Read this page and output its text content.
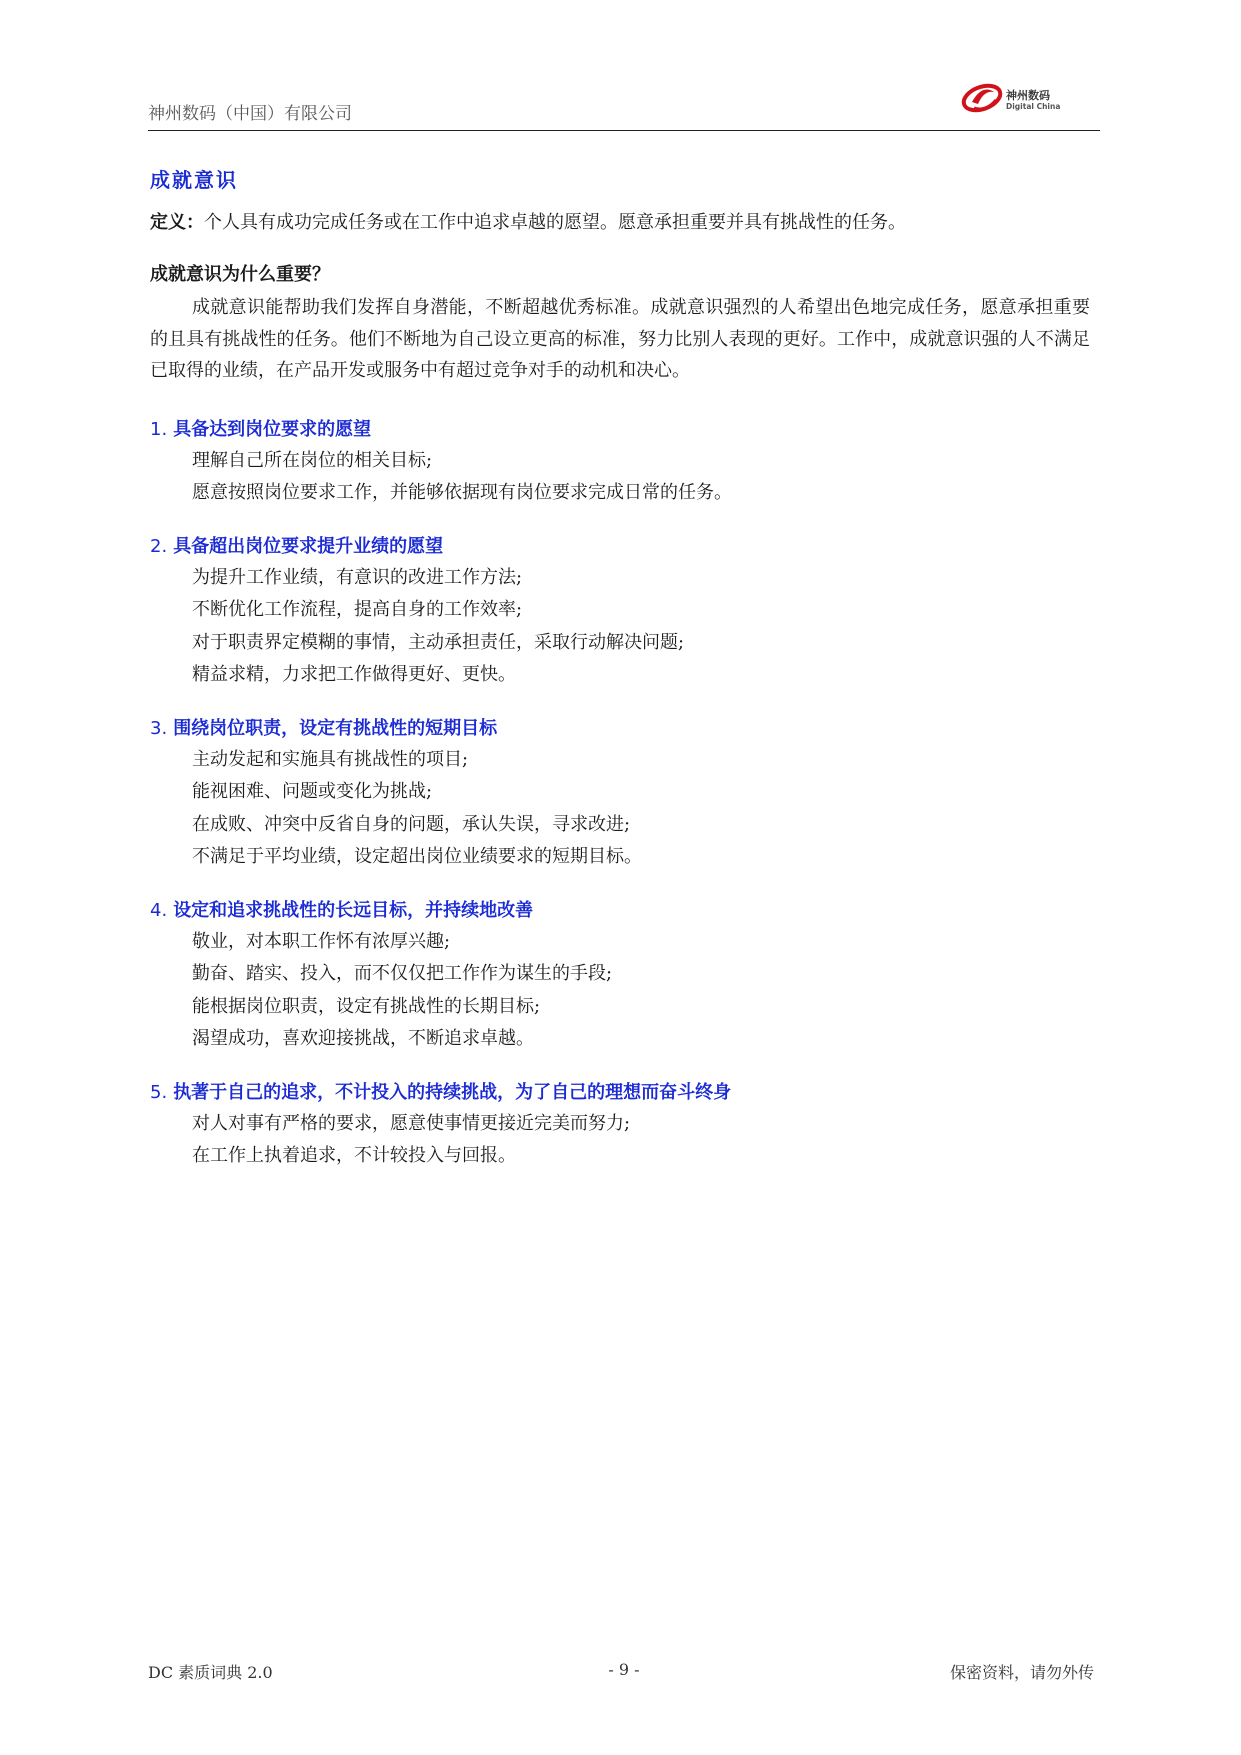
神州数码（中国）有限公司
神州数码
Digital China
成就意识

定义：个人具有成功完成任务或在工作中追求卓越的愿望。愿意承担重要并具有挑战性的任务。

成就意识为什么重要？

成就意识能帮助我们发挥自身潜能，不断超越优秀标准。成就意识强烈的人希望出色地完成任务，愿意承担重要的且具有挑战性的任务。他们不断地为自己设立更高的标准，努力比别人表现的更好。工作中，成就意识强的人不满足已取得的业绩，在产品开发或服务中有超过竞争对手的动机和决心。

1. 具备达到岗位要求的愿望

理解自己所在岗位的相关目标;

愿意按照岗位要求工作，并能够依据现有岗位要求完成日常的任务。

2. 具备超出岗位要求提升业绩的愿望

为提升工作业绩，有意识的改进工作方法;

不断优化工作流程，提高自身的工作效率;

对于职责界定模糊的事情，主动承担责任，采取行动解决问题;

精益求精，力求把工作做得更好、更快。

3. 围绕岗位职责，设定有挑战性的短期目标

主动发起和实施具有挑战性的项目;

能视困难、问题或变化为挑战;

在成败、冲突中反省自身的问题，承认失误，寻求改进;

不满足于平均业绩，设定超出岗位业绩要求的短期目标。

4. 设定和追求挑战性的长远目标，并持续地改善

敬业，对本职工作怀有浓厚兴趣;

勤奋、踏实、投入，而不仅仅把工作作为谋生的手段;

能根据岗位职责，设定有挑战性的长期目标;

渴望成功，喜欢迎接挑战，不断追求卓越。

5. 执著于自己的追求，不计投入的持续挑战，为了自己的理想而奋斗终身

对人对事有严格的要求，愿意使事情更接近完美而努力;

在工作上执着追求，不计较投入与回报。

DC 素质词典 2.0	- 9 -	保密资料，请勿外传
